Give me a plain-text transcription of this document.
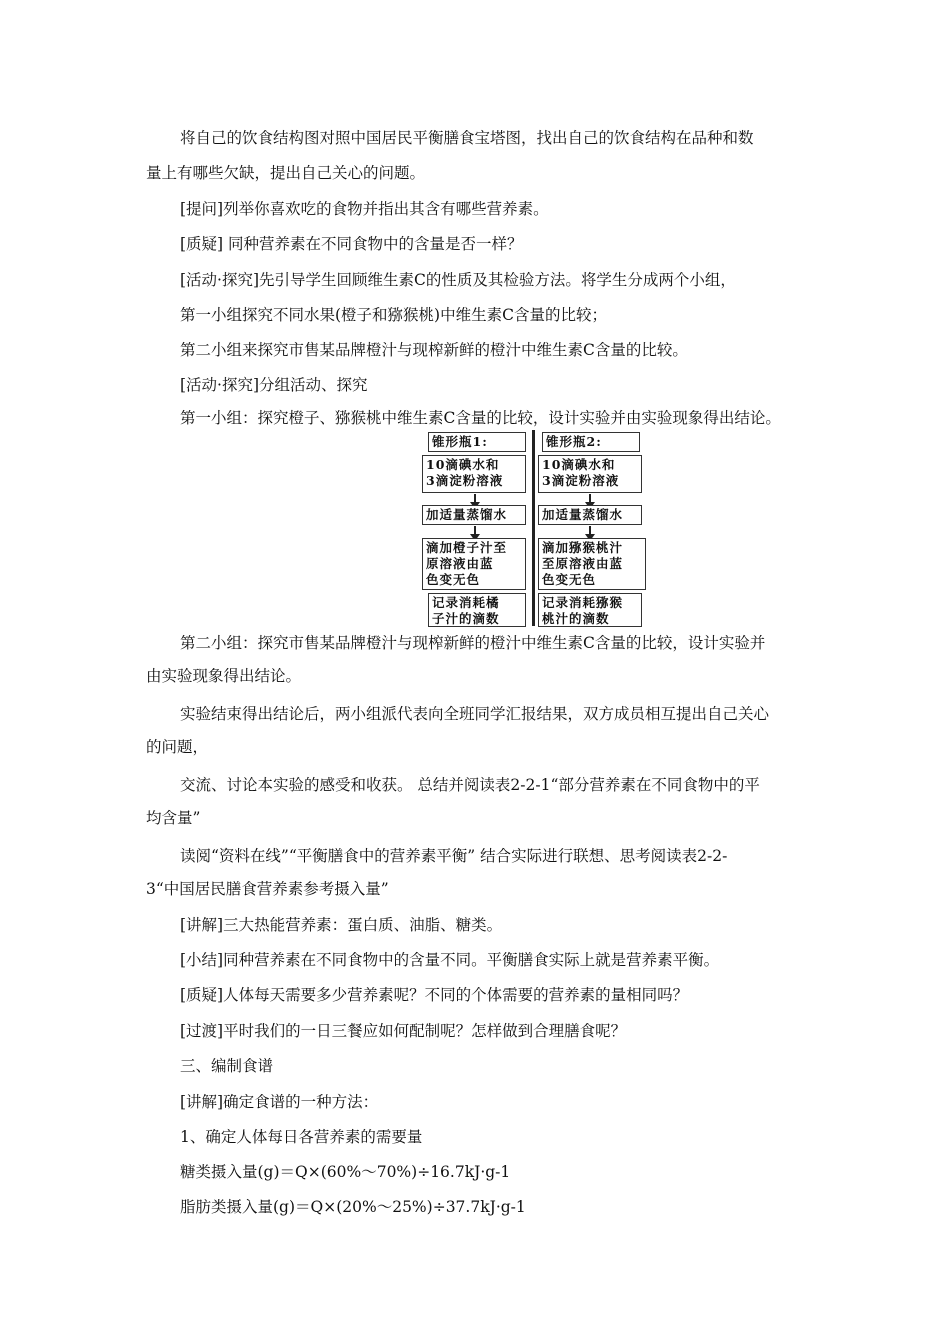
将自己的饮食结构图对照中国居民平衡膳食宝塔图，找出自己的饮食结构在品种和数
量上有哪些欠缺，提出自己关心的问题。
[提问]列举你喜欢吃的食物并指出其含有哪些营养素。
[质疑] 同种营养素在不同食物中的含量是否一样？
[活动·探究]先引导学生回顾维生素C的性质及其检验方法。将学生分成两个小组，
第一小组探究不同水果(橙子和猕猴桃)中维生素C含量的比较；
第二小组来探究市售某品牌橙汁与现榨新鲜的橙汁中维生素C含量的比较。
[活动·探究]分组活动、探究
第一小组：探究橙子、猕猴桃中维生素C含量的比较，设计实验并由实验现象得出结论。
锥形瓶1:
10滴碘水和
3滴淀粉溶液
加适量蒸馏水
滴加橙子汁至
原溶液由蓝
色变无色
记录消耗橘
子汁的滴数
锥形瓶2:
10滴碘水和
3滴淀粉溶液
加适量蒸馏水
滴加猕猴桃汁
至原溶液由蓝
色变无色
记录消耗猕猴
桃汁的滴数
第二小组：探究市售某品牌橙汁与现榨新鲜的橙汁中维生素C含量的比较，设计实验并
由实验现象得出结论。
实验结束得出结论后，两小组派代表向全班同学汇报结果，双方成员相互提出自己关心
的问题，
交流、讨论本实验的感受和收获。 总结并阅读表2-2-1“部分营养素在不同食物中的平
均含量”
读阅“资料在线”“平衡膳食中的营养素平衡” 结合实际进行联想、思考阅读表2-2-
3“中国居民膳食营养素参考摄入量”
[讲解]三大热能营养素：蛋白质、油脂、糖类。
[小结]同种营养素在不同食物中的含量不同。平衡膳食实际上就是营养素平衡。
[质疑]人体每天需要多少营养素呢？不同的个体需要的营养素的量相同吗？
[过渡]平时我们的一日三餐应如何配制呢？怎样做到合理膳食呢？
三、编制食谱
[讲解]确定食谱的一种方法：
1、确定人体每日各营养素的需要量
糖类摄入量(g)＝Q×(60%～70%)÷16.7kJ·g-1
脂肪类摄入量(g)＝Q×(20%～25%)÷37.7kJ·g-1
